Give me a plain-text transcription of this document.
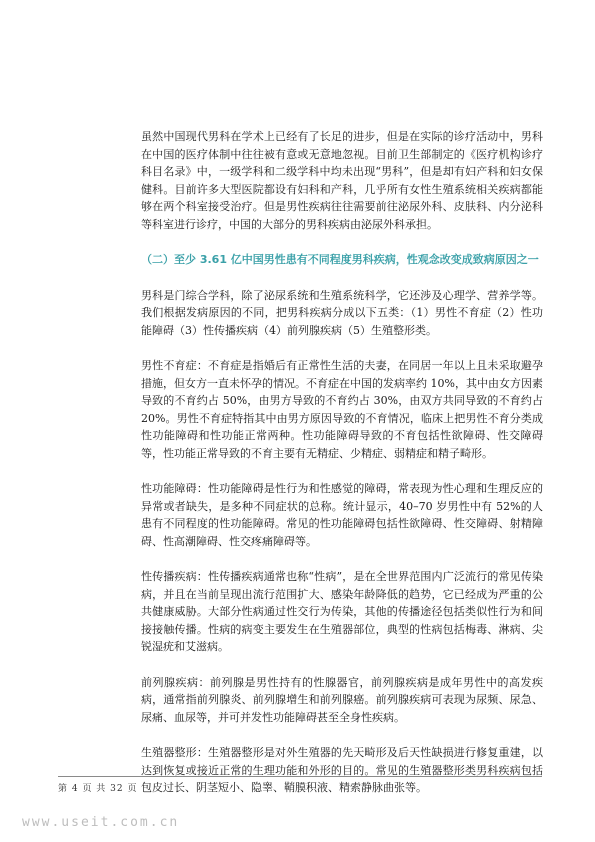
虽然中国现代男科在学术上已经有了长足的进步，但是在实际的诊疗活动中，男科在中国的医疗体制中往往被有意或无意地忽视。目前卫生部制定的《医疗机构诊疗科目名录》中，一级学科和二级学科中均未出现“男科”，但是却有妇产科和妇女保健科。目前许多大型医院都设有妇科和产科，几乎所有女性生殖系统相关疾病都能够在两个科室接受治疗。但是男性疾病往往需要前往泌尿外科、皮肤科、内分泌科等科室进行诊疗，中国的大部分的男科疾病由泌尿外科承担。

（二）至少 3.61 亿中国男性患有不同程度男科疾病，性观念改变成致病原因之一

男科是门综合学科，除了泌尿系统和生殖系统科学，它还涉及心理学、营养学等。我们根据发病原因的不同，把男科疾病分成以下五类：（1）男性不育症（2）性功能障碍（3）性传播疾病（4）前列腺疾病（5）生殖整形类。

男性不育症：不育症是指婚后有正常性生活的夫妻，在同居一年以上且未采取避孕措施，但女方一直未怀孕的情况。不育症在中国的发病率约 10%，其中由女方因素导致的不育约占 50%，由男方导致的不育约占 30%，由双方共同导致的不育约占 20%。男性不育症特指其中由男方原因导致的不育情况，临床上把男性不育分类成性功能障碍和性功能正常两种。性功能障碍导致的不育包括性欲障碍、性交障碍等，性功能正常导致的不育主要有无精症、少精症、弱精症和精子畸形。

性功能障碍：性功能障碍是性行为和性感觉的障碍，常表现为性心理和生理反应的异常或者缺失，是多种不同症状的总称。统计显示，40–70 岁男性中有 52%的人患有不同程度的性功能障碍。常见的性功能障碍包括性欲障碍、性交障碍、射精障碍、性高潮障碍、性交疼痛障碍等。

性传播疾病：性传播疾病通常也称“性病”，是在全世界范围内广泛流行的常见传染病，并且在当前呈现出流行范围扩大、感染年龄降低的趋势，它已经成为严重的公共健康威胁。大部分性病通过性交行为传染，其他的传播途径包括类似性行为和间接接触传播。性病的病变主要发生在生殖器部位，典型的性病包括梅毒、淋病、尖锐湿疣和艾滋病。

前列腺疾病：前列腺是男性持有的性腺器官，前列腺疾病是成年男性中的高发疾病，通常指前列腺炎、前列腺增生和前列腺癌。前列腺疾病可表现为尿频、尿急、尿痛、血尿等，并可并发性功能障碍甚至全身性疾病。

生殖器整形：生殖器整形是对外生殖器的先天畸形及后天性缺损进行修复重建，以达到恢复或接近正常的生理功能和外形的目的。常见的生殖器整形类男科疾病包括包皮过长、阴茎短小、隐睾、鞘膜积液、精索静脉曲张等。

第 4 页 共 32 页
www.useit.com.cn
